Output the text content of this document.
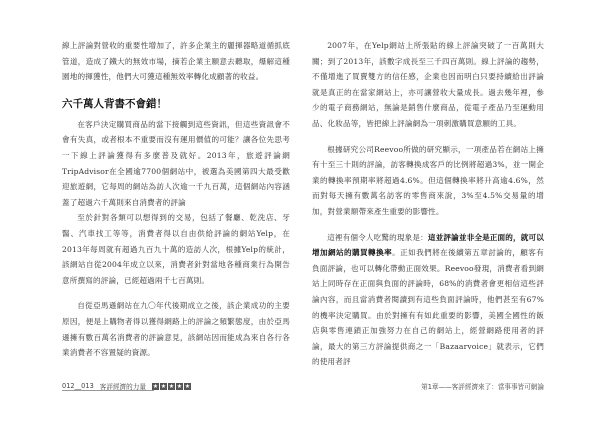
線上評論對營收的重要性增加了，許多企業主的麗揮器略道循抓底管道，造成了鐵大的無效市場，摘若企業主願意去聽取，爆解這種園地的揮獲性，他們大可獲這種無效率轉化成顧著的收益。

六千萬人背書不會錯！

在客戶決定購買商品的當下接觸到這些資訊，但這些資訊會不會有失真，或者根本不重要而沒有運用價值的可能？讓各位先思考一下線上評論獲得有多麼普及就好。2013年，旅遊評論網TripAdvisor在全國逾7700個網站中，被選為美國第四大最受歡迎旅遊網，它每周的網站為訪人次逾一千九百萬，這個網站內容涵蓋了超過六千萬則來自消費者的評論

至於針對各類可以想得到的交易，包括了餐廳、乾洗店、牙醫、汽車找工等等，消費者得以自由供給評論的網站Yelp，在2013年每周就有超過九百九十萬的造訪人次，根據Yelp的統計，該網站自從2004年成立以來，消費者針對當地各種商業行為開告意所撰寫的評論，已經超過兩千七百萬則。

自從亞馬遜網站在九〇年代後期成立之後，該企業成功的主要原因，便是上購物者得以獲得網路上的評論之頻繁態度，由於亞馬遜擁有數百萬名消費者的評論意見，該網站因而能成為來自各行各業消費者不容置疑的資源。

2007年，在Yelp網站上所張貼的線上評論突破了一百萬則大關；到了2013年，該數字成長至三千四百萬則。線上評論的趨勢，不僅增進了買賣雙方的信任感，企業也因而明白只要持續給出評論就是真正的在當家網站上，亦可讓營收大量成長。過去幾年裡，參少的電子商務網站，無論是銷售什麼商品，從電子產品乃至運動用品、化妝品等，皆把線上評論網為一項刺激購買意願的工具。

根據研究公司Reevoo所做的研究顯示，一項產品若在網站上擁有十至三十則的評論，訪客轉換成客戶的比例將超過3%，並一開企業的轉換率預期率將超過4.6%。但這個轉換率將升高逾4.6%，然而對每天擁有數萬名訪客的零售商來說，3%至4.5%交易量的增加，對營業額帶來產生重要的影響性。

這裡有個令人吃驚的現象是：這並評論並非全是正面的，就可以增加網站的購買轉換率。正如我們將在後續第五章討論的，顧客有負面評論，也可以轉化帶動正面效果。Reevoo發現，消費者看到網站上同時存在正面與負面的評論時，68%的消費者會更相信這些評論內容，而且當消費者閱讀到有這些負面評論時，他們甚至有67%的機率決定購買。由於對擁有有如此重要的影響，美國全國性的飯店與零售連鎖正加強努力在自己的網站上，經營網路使用者的評論，最大的第三方評論提供商之一「Bazaarvoice」就表示，它們的使用者評

012__013 客評經濟的力量 ★ ★ ★ ★ ★	第1章——客評經濟來了：當事事皆可網論
